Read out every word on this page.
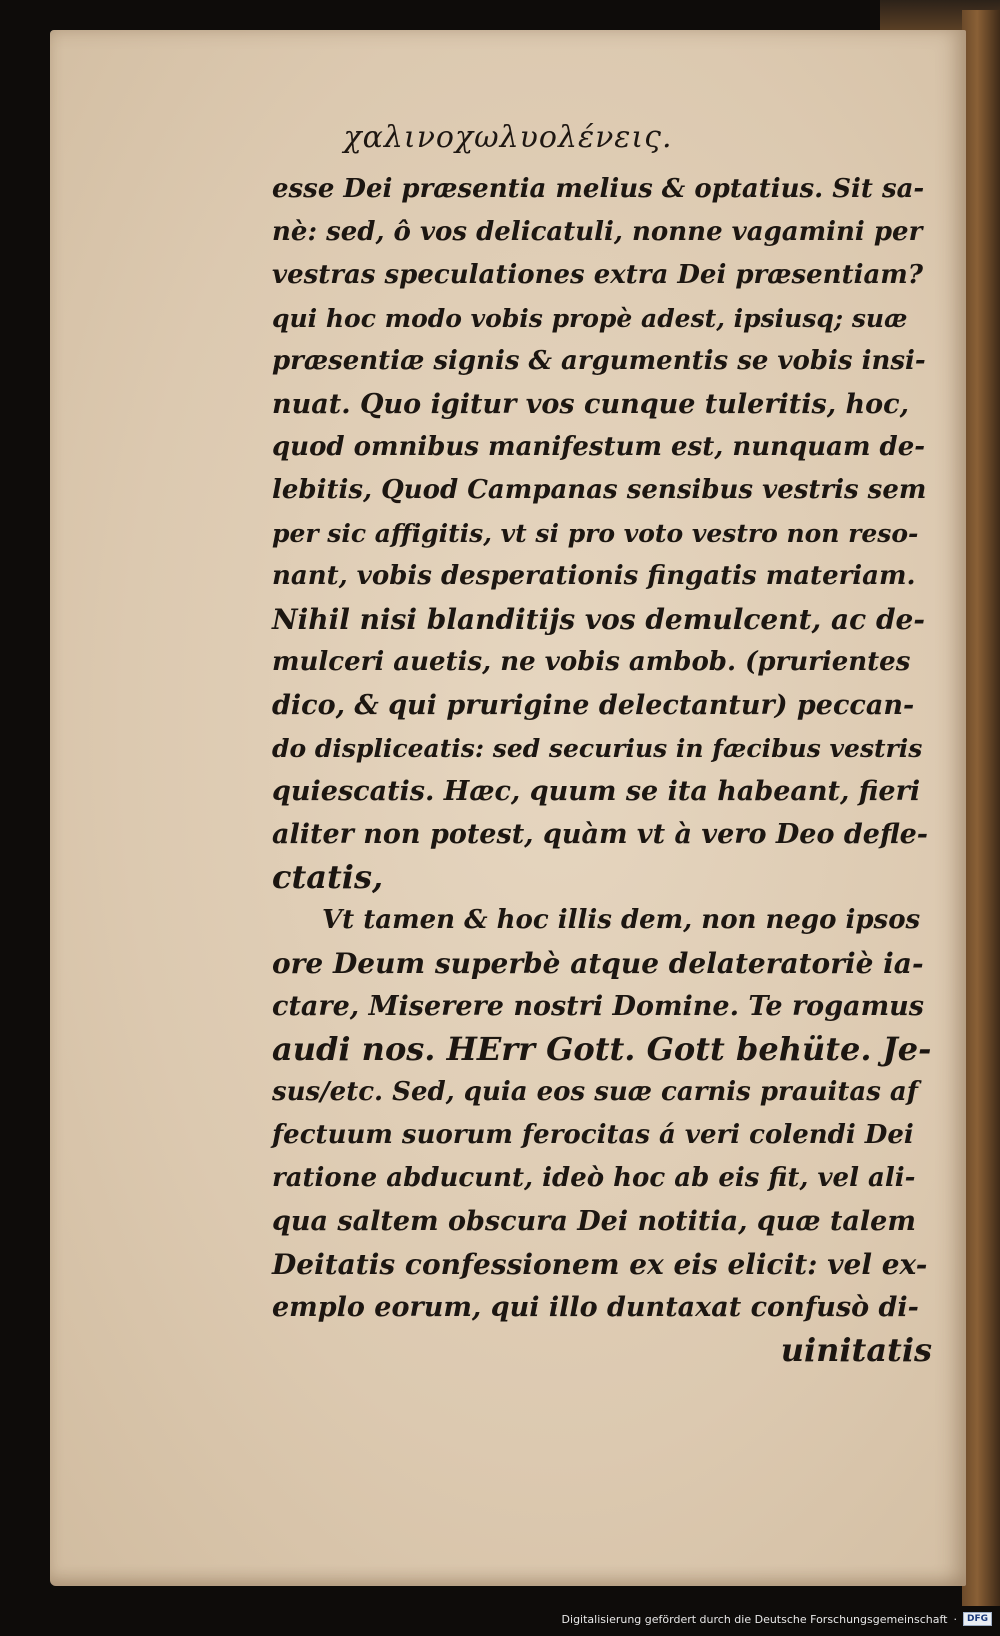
χαλινοχωλυολένεις.
esse Dei præsentia melius & optatius. Sit sa-
nè: sed, ô vos delicatuli, nonne vagamini per
vestras speculationes extra Dei præsentiam?
qui hoc modo vobis propè adest, ipsiusq; suæ
præsentiæ signis & argumentis se vobis insi-
nuat. Quo igitur vos cunque tuleritis, hoc,
quod omnibus manifestum est, nunquam de-
lebitis, Quod Campanas sensibus vestris sem
per sic affigitis, vt si pro voto vestro non reso-
nant, vobis desperationis fingatis materiam.
Nihil nisi blanditijs vos demulcent, ac de-
mulceri auetis, ne vobis ambob. (prurientes
dico, & qui prurigine delectantur) peccan-
do displiceatis: sed securius in fæcibus vestris
quiescatis. Hæc, quum se ita habeant, fieri
aliter non potest, quàm vt à vero Deo defle-
ctatis,
Vt tamen & hoc illis dem, non nego ipsos
ore Deum superbè atque delateratoriè ia-
ctare, Miserere nostri Domine. Te rogamus
audi nos. HErr Gott. Gott behüte. Je-
sus/etc. Sed, quia eos suæ carnis prauitas af
fectuum suorum ferocitas á veri colendi Dei
ratione abducunt, ideò hoc ab eis fit, vel ali-
qua saltem obscura Dei notitia, quæ talem
Deitatis confessionem ex eis elicit: vel ex-
emplo eorum, qui illo duntaxat confusò di-
uinitatis
Digitalisierung gefördert durch die Deutsche Forschungsgemeinschaft ·	DFG
